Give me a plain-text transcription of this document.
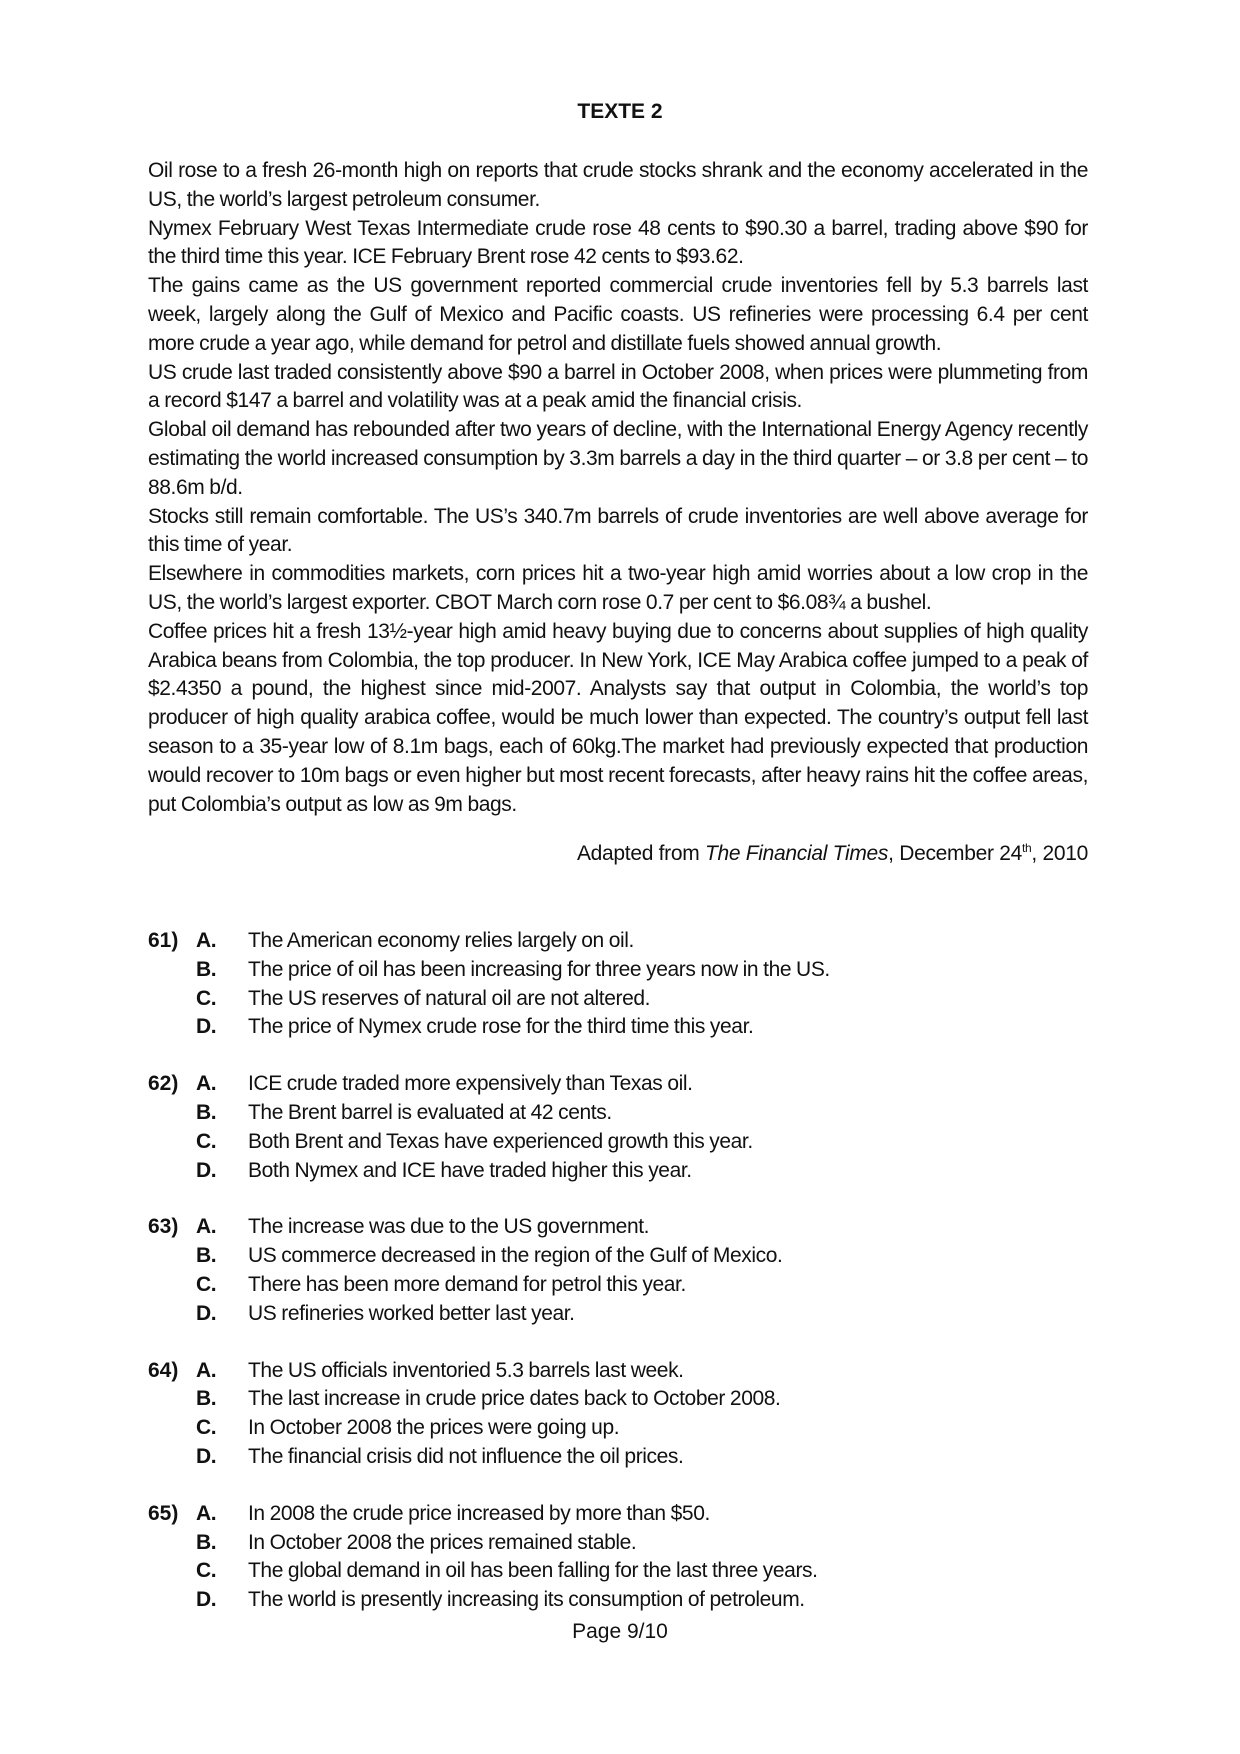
TEXTE 2

Oil rose to a fresh 26-month high on reports that crude stocks shrank and the economy accelerated in the US, the world’s largest petroleum consumer.

Nymex February West Texas Intermediate crude rose 48 cents to $90.30 a barrel, trading above $90 for the third time this year. ICE February Brent rose 42 cents to $93.62.

The gains came as the US government reported commercial crude inventories fell by 5.3 barrels last week, largely along the Gulf of Mexico and Pacific coasts. US refineries were processing 6.4 per cent more crude a year ago, while demand for petrol and distillate fuels showed annual growth.

US crude last traded consistently above $90 a barrel in October 2008, when prices were plummeting from a record $147 a barrel and volatility was at a peak amid the financial crisis.

Global oil demand has rebounded after two years of decline, with the International Energy Agency recently estimating the world increased consumption by 3.3m barrels a day in the third quarter – or 3.8 per cent – to 88.6m b/d.

Stocks still remain comfortable. The US’s 340.7m barrels of crude inventories are well above average for this time of year.

Elsewhere in commodities markets, corn prices hit a two-year high amid worries about a low crop in the US, the world’s largest exporter. CBOT March corn rose 0.7 per cent to $6.08¾ a bushel.

Coffee prices hit a fresh 13½-year high amid heavy buying due to concerns about supplies of high quality Arabica beans from Colombia, the top producer. In New York, ICE May Arabica coffee jumped to a peak of $2.4350 a pound, the highest since mid-2007. Analysts say that output in Colombia, the world’s top producer of high quality arabica coffee, would be much lower than expected. The country’s output fell last season to a 35-year low of 8.1m bags, each of 60kg.The market had previously expected that production would recover to 10m bags or even higher but most recent forecasts, after heavy rains hit the coffee areas, put Colombia’s output as low as 9m bags.

Adapted from The Financial Times, December 24th, 2010
61) A.	The American economy relies largely on oil.
B.	The price of oil has been increasing for three years now in the US.
C.	The US reserves of natural oil are not altered.
D.	The price of Nymex crude rose for the third time this year.
62) A.	ICE crude traded more expensively than Texas oil.
B.	The Brent barrel is evaluated at 42 cents.
C.	Both Brent and Texas have experienced growth this year.
D.	Both Nymex and ICE have traded higher this year.
63) A.	The increase was due to the US government.
B.	US commerce decreased in the region of the Gulf of Mexico.
C.	There has been more demand for petrol this year.
D.	US refineries worked better last year.
64) A.	The US officials inventoried 5.3 barrels last week.
B.	The last increase in crude price dates back to October 2008.
C.	In October 2008 the prices were going up.
D.	The financial crisis did not influence the oil prices.
65) A.	In 2008 the crude price increased by more than $50.
B.	In October 2008 the prices remained stable.
C.	The global demand in oil has been falling for the last three years.
D.	The world is presently increasing its consumption of petroleum.
Page 9/10
